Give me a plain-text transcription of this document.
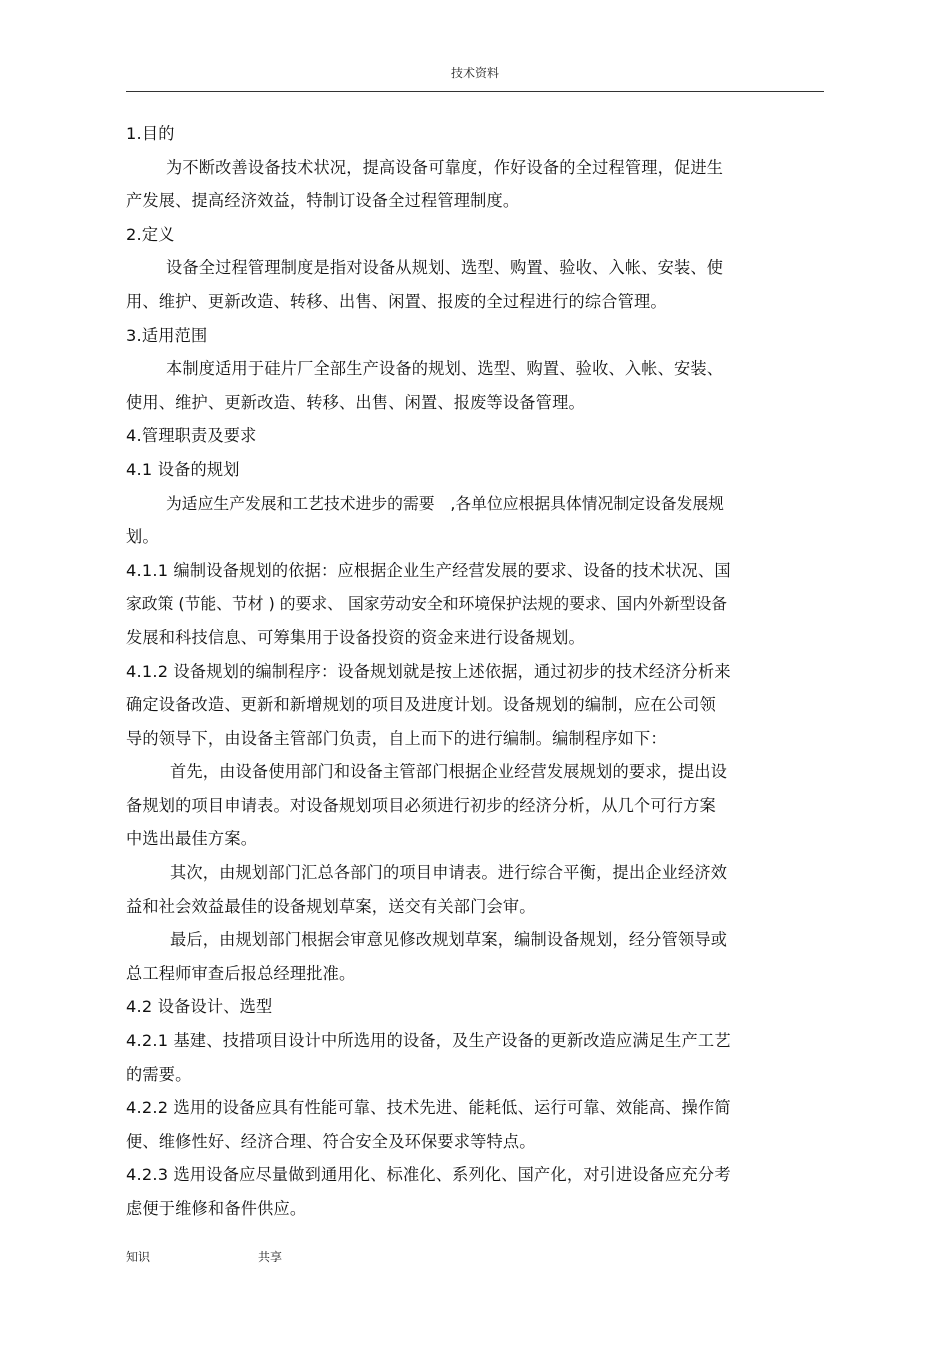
技术资料
1.目的
为不断改善设备技术状况，提高设备可靠度，作好设备的全过程管理，促进生
产发展、提高经济效益，特制订设备全过程管理制度。
2.定义
设备全过程管理制度是指对设备从规划、选型、购置、验收、入帐、安装、使
用、维护、更新改造、转移、出售、闲置、报废的全过程进行的综合管理。
3.适用范围
本制度适用于硅片厂全部生产设备的规划、选型、购置、验收、入帐、安装、
使用、维护、更新改造、转移、出售、闲置、报废等设备管理。
4.管理职责及要求
4.1 设备的规划
为适应生产发展和工艺技术进步的需要　,各单位应根据具体情况制定设备发展规
划。
4.1.1 编制设备规划的依据：应根据企业生产经营发展的要求、设备的技术状况、国
家政策 (节能、节材 ) 的要求、 国家劳动安全和环境保护法规的要求、国内外新型设备
发展和科技信息、可筹集用于设备投资的资金来进行设备规划。
4.1.2 设备规划的编制程序：设备规划就是按上述依据，通过初步的技术经济分析来
确定设备改造、更新和新增规划的项目及进度计划。设备规划的编制，应在公司领
导的领导下，由设备主管部门负责，自上而下的进行编制。编制程序如下：
首先，由设备使用部门和设备主管部门根据企业经营发展规划的要求，提出设
备规划的项目申请表。对设备规划项目必须进行初步的经济分析，从几个可行方案
中选出最佳方案。
其次，由规划部门汇总各部门的项目申请表。进行综合平衡，提出企业经济效
益和社会效益最佳的设备规划草案，送交有关部门会审。
最后，由规划部门根据会审意见修改规划草案，编制设备规划，经分管领导或
总工程师审查后报总经理批准。
4.2 设备设计、选型
4.2.1 基建、技措项目设计中所选用的设备，及生产设备的更新改造应满足生产工艺
的需要。
4.2.2 选用的设备应具有性能可靠、技术先进、能耗低、运行可靠、效能高、操作简
便、维修性好、经济合理、符合安全及环保要求等特点。
4.2.3 选用设备应尽量做到通用化、标准化、系列化、国产化，对引进设备应充分考
虑便于维修和备件供应。
知识	共享
